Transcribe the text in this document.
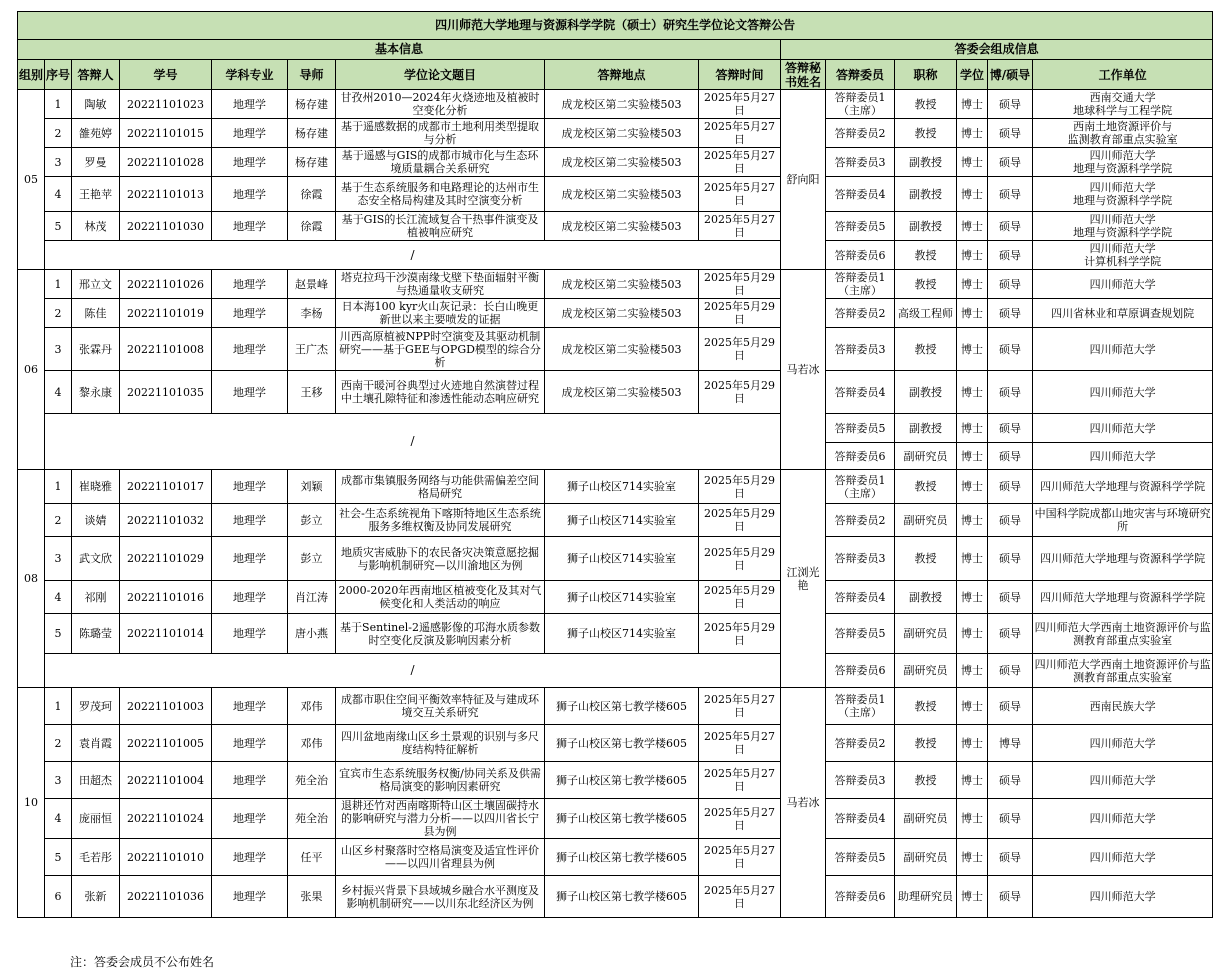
四川师范大学地理与资源科学学院（硕士）研究生学位论文答辩公告														
基本信息									答委会组成信息					
组别	序号	答辩人	学号	学科专业	导师	学位论文题目	答辩地点	答辩时间	答辩秘书姓名	答辩委员	职称	学位	博/硕导	工作单位
05	1	陶敏	20221101023	地理学	杨存建	甘孜州2010—2024年火烧迹地及植被时空变化分析	成龙校区第二实验楼503	2025年5月27日	舒向阳	答辩委员1
（主席）	教授	博士	硕导	西南交通大学
地球科学与工程学院
	2	雒苑婷	20221101015	地理学	杨存建	基于遥感数据的成都市土地利用类型提取与分析	成龙校区第二实验楼503	2025年5月27日		答辩委员2	教授	博士	硕导	西南土地资源评价与
监测教育部重点实验室
	3	罗曼	20221101028	地理学	杨存建	基于遥感与GIS的成都市城市化与生态环境质量耦合关系研究	成龙校区第二实验楼503	2025年5月27日		答辩委员3	副教授	博士	硕导	四川师范大学
地理与资源科学学院
	4	王艳苹	20221101013	地理学	徐霞	基于生态系统服务和电路理论的达州市生态安全格局构建及其时空演变分析	成龙校区第二实验楼503	2025年5月27日		答辩委员4	副教授	博士	硕导	四川师范大学
地理与资源科学学院
	5	林茂	20221101030	地理学	徐霞	基于GIS的长江流域复合干热事件演变及植被响应研究	成龙校区第二实验楼503	2025年5月27日		答辩委员5	副教授	博士	硕导	四川师范大学
地理与资源科学学院
	/									答辩委员6	教授	博士	硕导	四川师范大学
计算机科学学院
06	1	邢立文	20221101026	地理学	赵景峰	塔克拉玛干沙漠南缘戈壁下垫面辐射平衡与热通量收支研究	成龙校区第二实验楼503	2025年5月29日	马若冰	答辩委员1
（主席）	教授	博士	硕导	四川师范大学
	2	陈佳	20221101019	地理学	李杨	日本海100 kyr火山灰记录：长白山晚更新世以来主要喷发的证据	成龙校区第二实验楼503	2025年5月29日		答辩委员2	高级工程师	博士	硕导	四川省林业和草原调查规划院
	3	张霖丹	20221101008	地理学	王广杰	川西高原植被NPP时空演变及其驱动机制研究——基于GEE与OPGD模型的综合分析	成龙校区第二实验楼503	2025年5月29日		答辩委员3	教授	博士	硕导	四川师范大学
	4	黎永康	20221101035	地理学	王移	西南干暖河谷典型过火迹地自然演替过程中土壤孔隙特征和渗透性能动态响应研究	成龙校区第二实验楼503	2025年5月29日		答辩委员4	副教授	博士	硕导	四川师范大学
	/									答辩委员5	副教授	博士	硕导	四川师范大学
										答辩委员6	副研究员	博士	硕导	四川师范大学
08	1	崔晓雅	20221101017	地理学	刘颖	成都市集镇服务网络与功能供需偏差空间格局研究	狮子山校区714实验室	2025年5月29日	江浏光艳	答辩委员1
（主席）	教授	博士	硕导	四川师范大学地理与资源科学学院
	2	谈婧	20221101032	地理学	彭立	社会-生态系统视角下喀斯特地区生态系统服务多维权衡及协同发展研究	狮子山校区714实验室	2025年5月29日		答辩委员2	副研究员	博士	硕导	中国科学院成都山地灾害与环境研究所
	3	武文欣	20221101029	地理学	彭立	地质灾害威胁下的农民备灾决策意愿挖掘与影响机制研究—以川渝地区为例	狮子山校区714实验室	2025年5月29日		答辩委员3	教授	博士	硕导	四川师范大学地理与资源科学学院
	4	祁刚	20221101016	地理学	肖江涛	2000-2020年西南地区植被变化及其对气候变化和人类活动的响应	狮子山校区714实验室	2025年5月29日		答辩委员4	副教授	博士	硕导	四川师范大学地理与资源科学学院
	5	陈璐莹	20221101014	地理学	唐小燕	基于Sentinel-2遥感影像的邛海水质参数时空变化反演及影响因素分析	狮子山校区714实验室	2025年5月29日		答辩委员5	副研究员	博士	硕导	四川师范大学西南土地资源评价与监测教育部重点实验室
	/									答辩委员6	副研究员	博士	硕导	四川师范大学西南土地资源评价与监测教育部重点实验室
10	1	罗茂珂	20221101003	地理学	邓伟	成都市职住空间平衡效率特征及与建成环境交互关系研究	狮子山校区第七教学楼605	2025年5月27日	马若冰	答辩委员1
（主席）	教授	博士	硕导	西南民族大学
	2	袁肖霞	20221101005	地理学	邓伟	四川盆地南缘山区乡土景观的识别与多尺度结构特征解析	狮子山校区第七教学楼605	2025年5月27日		答辩委员2	教授	博士	博导	四川师范大学
	3	田超杰	20221101004	地理学	苑全治	宜宾市生态系统服务权衡/协同关系及供需格局演变的影响因素研究	狮子山校区第七教学楼605	2025年5月27日		答辩委员3	教授	博士	硕导	四川师范大学
	4	庞丽恒	20221101024	地理学	苑全治	退耕还竹对西南喀斯特山区土壤固碳持水的影响研究与潜力分析——以四川省长宁县为例	狮子山校区第七教学楼605	2025年5月27日		答辩委员4	副研究员	博士	硕导	四川师范大学
	5	毛若彤	20221101010	地理学	任平	山区乡村聚落时空格局演变及适宜性评价——以四川省理县为例	狮子山校区第七教学楼605	2025年5月27日		答辩委员5	副研究员	博士	硕导	四川师范大学
	6	张新	20221101036	地理学	张果	乡村振兴背景下县域城乡融合水平测度及影响机制研究——以川东北经济区为例	狮子山校区第七教学楼605	2025年5月27日		答辩委员6	助理研究员	博士	硕导	四川师范大学
注：答委会成员不公布姓名
